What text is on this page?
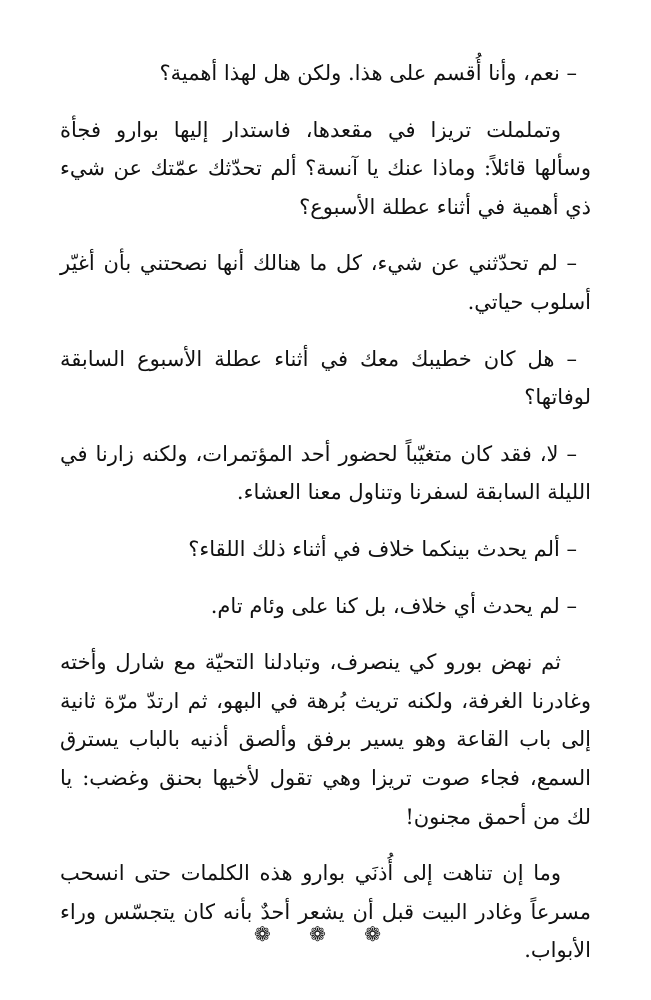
– نعم، وأنا أُقسم على هذا. ولكن هل لهذا أهمية؟

وتململت تريزا في مقعدها، فاستدار إليها بوارو فجأة وسألها قائلاً: وماذا عنك يا آنسة؟ ألم تحدّثك عمّتك عن شيء ذي أهمية في أثناء عطلة الأسبوع؟

– لم تحدّثني عن شيء، كل ما هنالك أنها نصحتني بأن أغيّر أسلوب حياتي.

– هل كان خطيبك معك في أثناء عطلة الأسبوع السابقة لوفاتها؟

– لا، فقد كان متغيّباً لحضور أحد المؤتمرات، ولكنه زارنا في الليلة السابقة لسفرنا وتناول معنا العشاء.

– ألم يحدث بينكما خلاف في أثناء ذلك اللقاء؟

– لم يحدث أي خلاف، بل كنا على وئام تام.

ثم نهض بورو كي ينصرف، وتبادلنا التحيّة مع شارل وأخته وغادرنا الغرفة، ولكنه تريث بُرهة في البهو، ثم ارتدّ مرّة ثانية إلى باب القاعة وهو يسير برفق وألصق أذنيه بالباب يسترق السمع، فجاء صوت تريزا وهي تقول لأخيها بحنق وغضب: يا لك من أحمق مجنون!

وما إن تناهت إلى أُذنَي بوارو هذه الكلمات حتى انسحب مسرعاً وغادر البيت قبل أن يشعر أحدٌ بأنه كان يتجسّس وراء الأبواب.

❁ ❁ ❁
